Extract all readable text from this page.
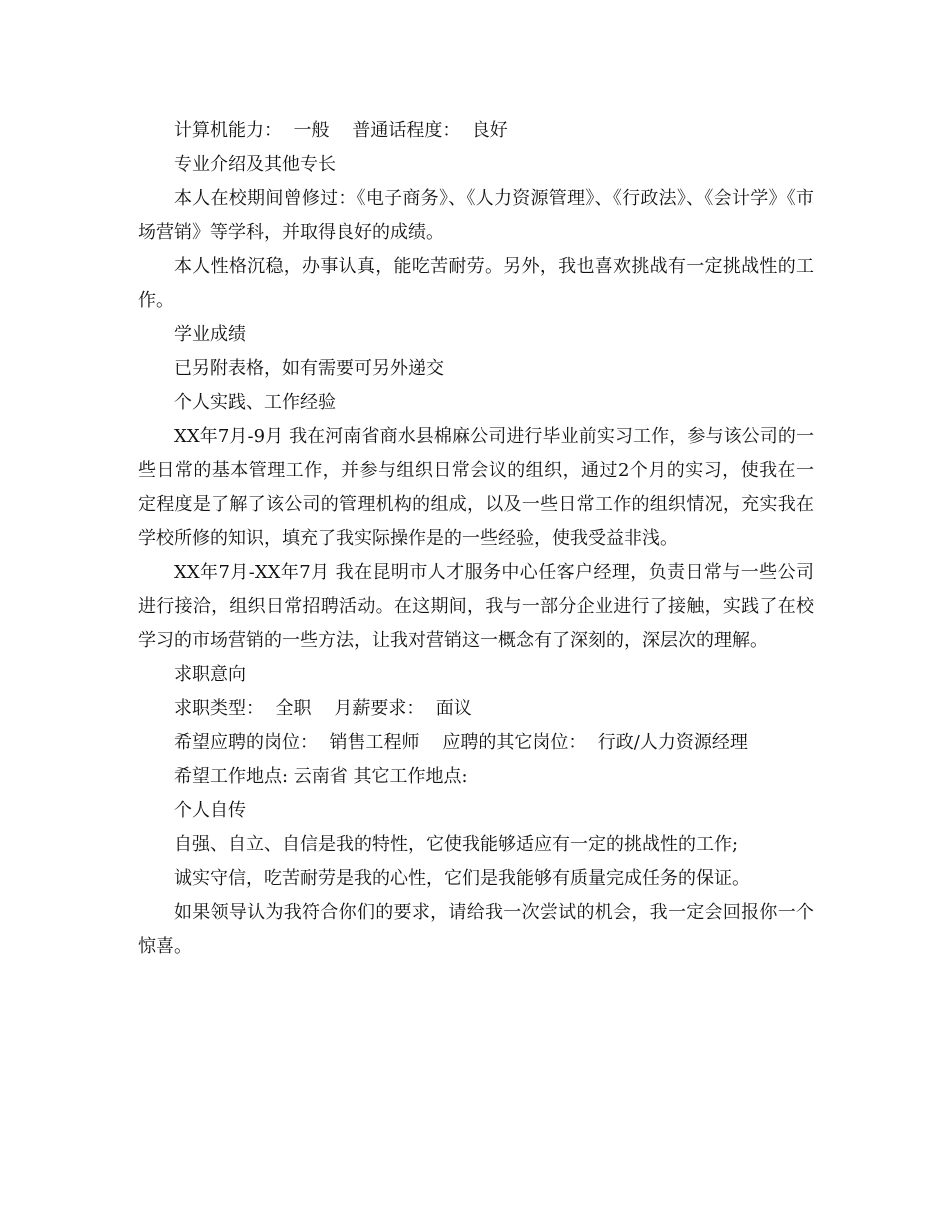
计算机能力：  一般    普通话程度：  良好

专业介绍及其他专长

本人在校期间曾修过：《电子商务》、《人力资源管理》、《行政法》、《会计学》《市场营销》等学科，并取得良好的成绩。

本人性格沉稳，办事认真，能吃苦耐劳。另外，我也喜欢挑战有一定挑战性的工作。

学业成绩

已另附表格，如有需要可另外递交

个人实践、工作经验

XX年7月-9月 我在河南省商水县棉麻公司进行毕业前实习工作，参与该公司的一些日常的基本管理工作，并参与组织日常会议的组织，通过2个月的实习，使我在一定程度是了解了该公司的管理机构的组成，以及一些日常工作的组织情况，充实我在学校所修的知识，填充了我实际操作是的一些经验，使我受益非浅。

XX年7月-XX年7月 我在昆明市人才服务中心任客户经理，负责日常与一些公司进行接洽，组织日常招聘活动。在这期间，我与一部分企业进行了接触，实践了在校学习的市场营销的一些方法，让我对营销这一概念有了深刻的，深层次的理解。

求职意向

求职类型：  全职    月薪要求：  面议

希望应聘的岗位：  销售工程师    应聘的其它岗位：  行政/人力资源经理

希望工作地点: 云南省 其它工作地点:

个人自传

自强、自立、自信是我的特性，它使我能够适应有一定的挑战性的工作;

诚实守信，吃苦耐劳是我的心性，它们是我能够有质量完成任务的保证。

如果领导认为我符合你们的要求，请给我一次尝试的机会，我一定会回报你一个惊喜。
